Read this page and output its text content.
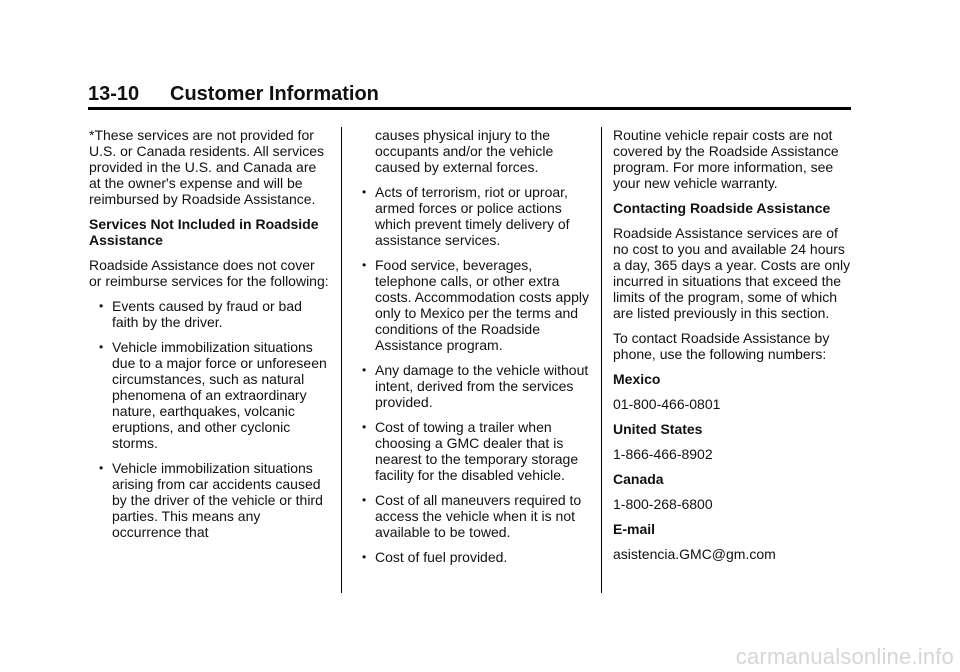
13-10 Customer Information

*These services are not provided for U.S. or Canada residents. All services provided in the U.S. and Canada are at the owner's expense and will be reimbursed by Roadside Assistance.

Services Not Included in Roadside Assistance

Roadside Assistance does not cover or reimburse services for the following:

• Events caused by fraud or bad faith by the driver.
• Vehicle immobilization situations due to a major force or unforeseen circumstances, such as natural phenomena of an extraordinary nature, earthquakes, volcanic eruptions, and other cyclonic storms.
• Vehicle immobilization situations arising from car accidents caused by the driver of the vehicle or third parties. This means any occurrence that
causes physical injury to the occupants and/or the vehicle caused by external forces.
• Acts of terrorism, riot or uproar, armed forces or police actions which prevent timely delivery of assistance services.
• Food service, beverages, telephone calls, or other extra costs. Accommodation costs apply only to Mexico per the terms and conditions of the Roadside Assistance program.
• Any damage to the vehicle without intent, derived from the services provided.
• Cost of towing a trailer when choosing a GMC dealer that is nearest to the temporary storage facility for the disabled vehicle.
• Cost of all maneuvers required to access the vehicle when it is not available to be towed.
• Cost of fuel provided.

Routine vehicle repair costs are not covered by the Roadside Assistance program. For more information, see your new vehicle warranty.

Contacting Roadside Assistance

Roadside Assistance services are of no cost to you and available 24 hours a day, 365 days a year. Costs are only incurred in situations that exceed the limits of the program, some of which are listed previously in this section.

To contact Roadside Assistance by phone, use the following numbers:

Mexico

01-800-466-0801

United States

1-866-466-8902

Canada

1-800-268-6800

E-mail

asistencia.GMC@gm.com

carmanualsonline.info
